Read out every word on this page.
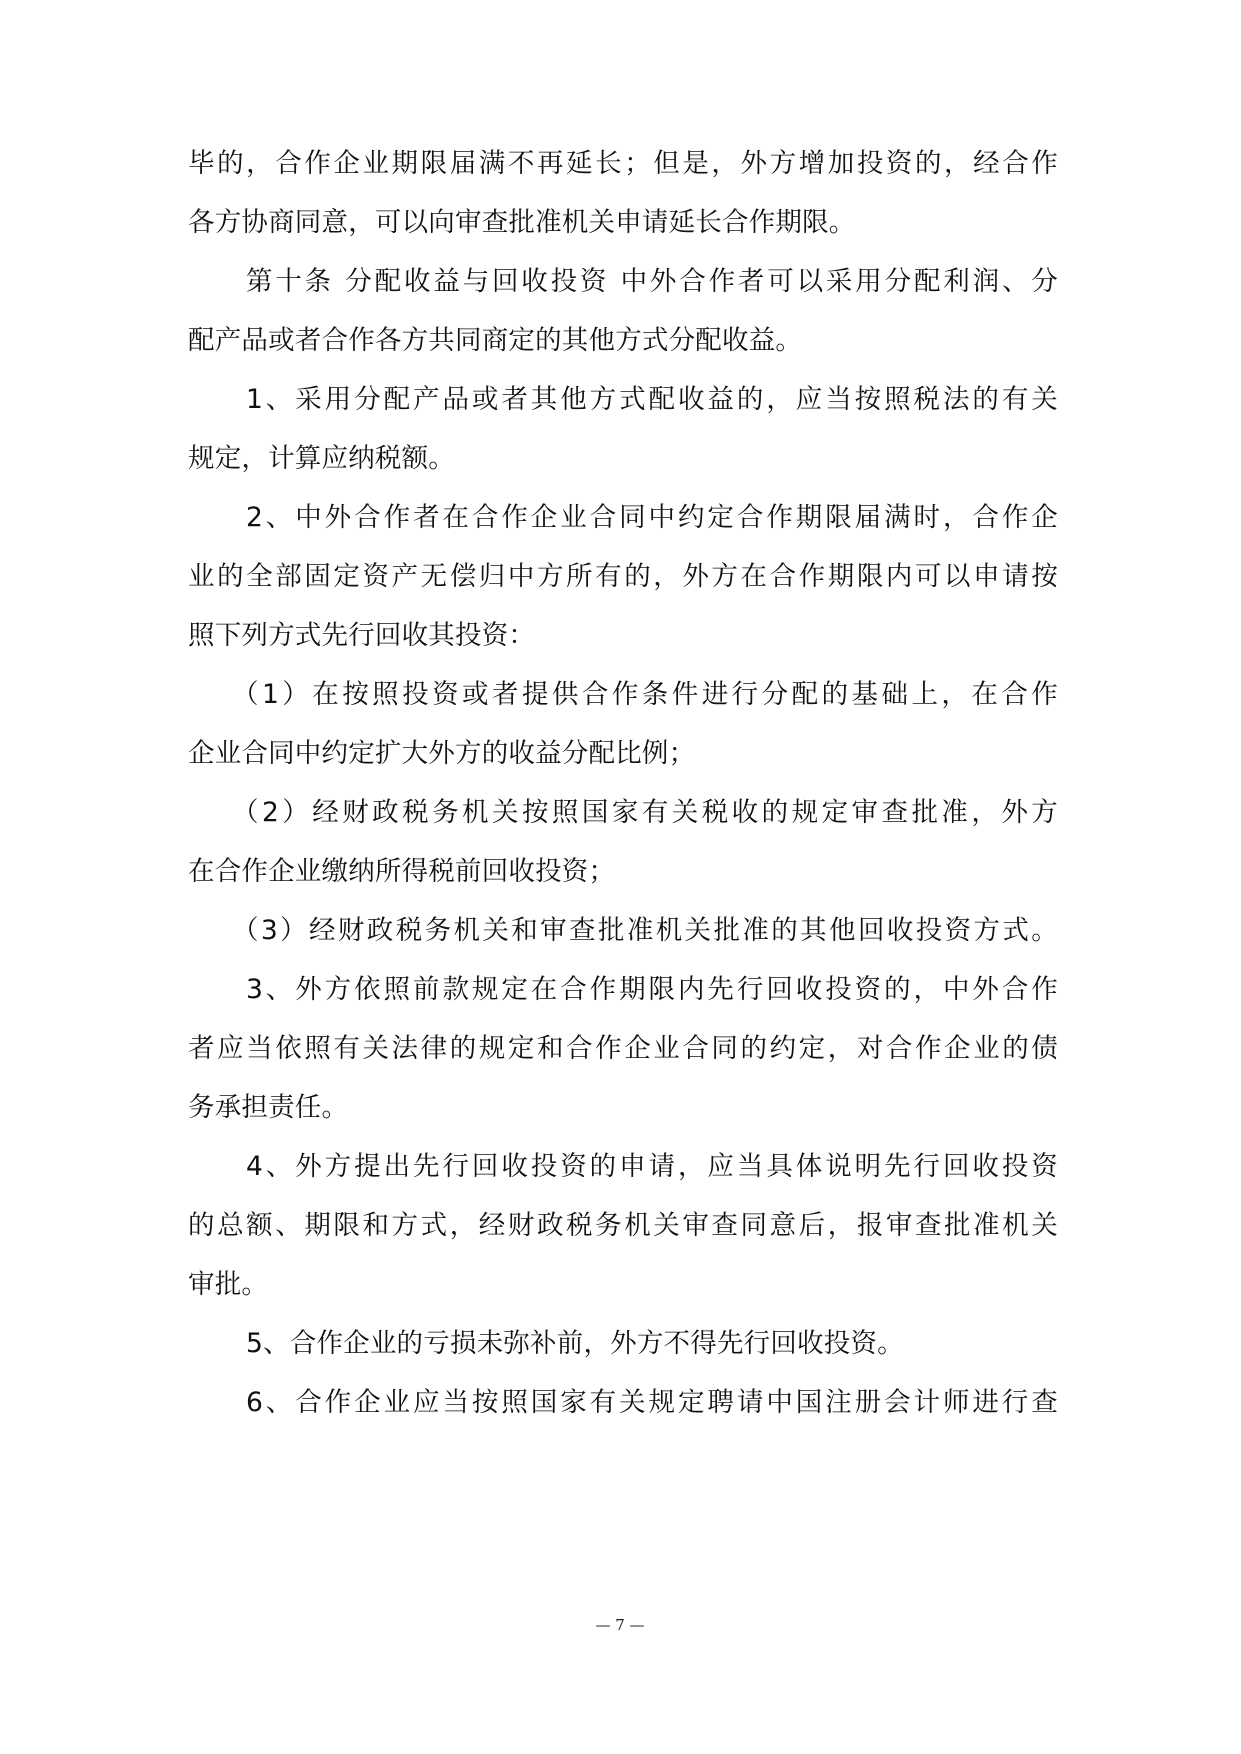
毕的，合作企业期限届满不再延长；但是，外方增加投资的，经合作

各方协商同意，可以向审查批准机关申请延长合作期限。

第十条 分配收益与回收投资 中外合作者可以采用分配利润、分

配产品或者合作各方共同商定的其他方式分配收益。

1、采用分配产品或者其他方式配收益的，应当按照税法的有关

规定，计算应纳税额。

2、中外合作者在合作企业合同中约定合作期限届满时，合作企

业的全部固定资产无偿归中方所有的，外方在合作期限内可以申请按

照下列方式先行回收其投资：

（1）在按照投资或者提供合作条件进行分配的基础上，在合作

企业合同中约定扩大外方的收益分配比例；

（2）经财政税务机关按照国家有关税收的规定审查批准，外方

在合作企业缴纳所得税前回收投资；

（3）经财政税务机关和审查批准机关批准的其他回收投资方式。

3、外方依照前款规定在合作期限内先行回收投资的，中外合作

者应当依照有关法律的规定和合作企业合同的约定，对合作企业的债

务承担责任。

4、外方提出先行回收投资的申请，应当具体说明先行回收投资

的总额、期限和方式，经财政税务机关审查同意后，报审查批准机关

审批。

5、合作企业的亏损未弥补前，外方不得先行回收投资。

6、合作企业应当按照国家有关规定聘请中国注册会计师进行查

— 7 —
